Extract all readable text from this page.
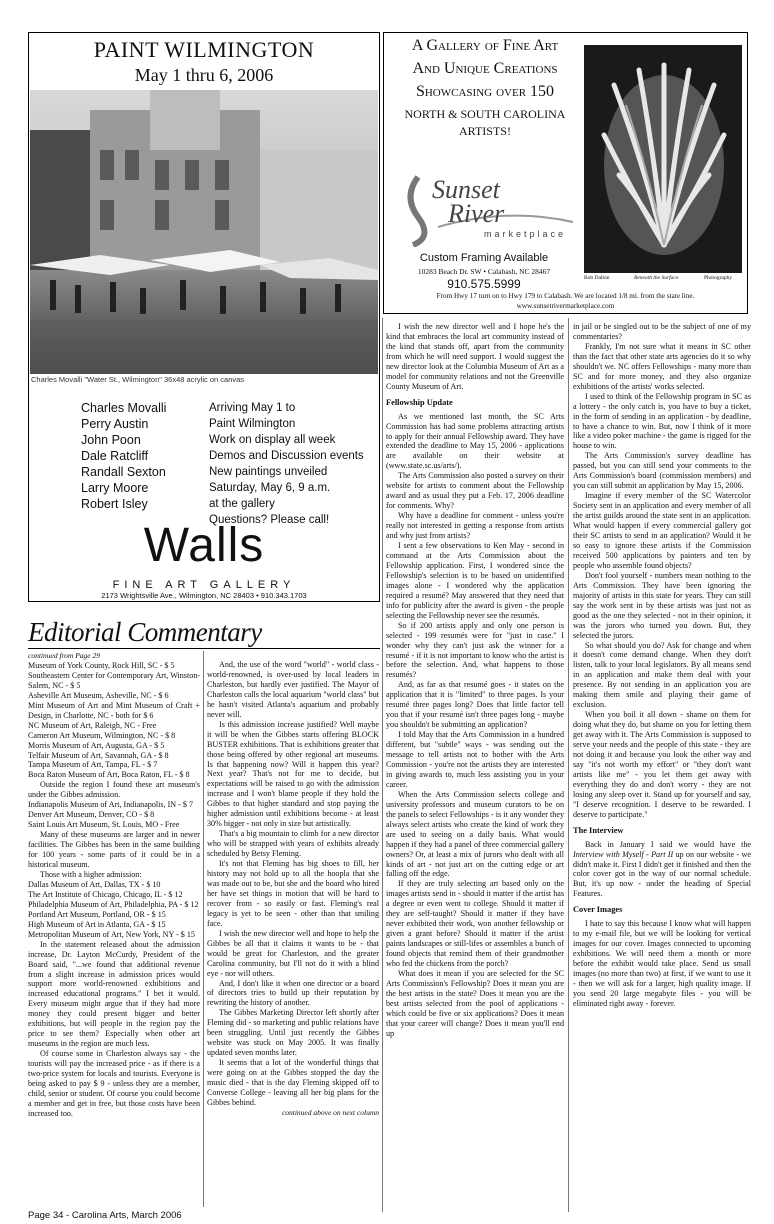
PAINT WILMINGTON
May 1 thru 6, 2006
Charles Movalli "Water St., Wilmington" 36x48 acrylic on canvas
Charles Movalli
Perry Austin
John Poon
Dale Ratcliff
Randall Sexton
Larry Moore
Robert Isley
Arriving May 1 to
Paint Wilmington
Work on display all week
Demos and Discussion events
New paintings unveiled
Saturday, May 6, 9 a.m.
at the gallery
Questions? Please call!
Walls
FINE ART GALLERY
2173 Wrightsville Ave., Wilmington, NC 28403 • 910.343.1703
A Gallery of Fine Art
And Unique Creations
Showcasing over 150
NORTH & SOUTH CAROLINA
ARTISTS!
Sunset
River
marketplace
Custom Framing Available
10283 Beach Dr. SW • Calabash, NC 28467
910.575.5999	Bob Dalton	Beneath the Surface	Photography
From Hwy 17 turn on to Hwy 179 to Calabash. We are located 1/8 mi. from the state line.
www.sunsetrivermarketplace.com
Editorial Commentary

continued from Page 29

Museum of York County, Rock Hill, SC - $ 5

Southeastern Center for Contemporary Art, Winston-Salem, NC - $ 5

Asheville Art Museum, Asheville, NC - $ 6

Mint Museum of Art and Mint Museum of Craft + Design, in Charlotte, NC - both for $ 6

NC Museum of Art, Raleigh, NC - Free

Cameron Art Museum, Wilmington, NC - $ 8

Morris Museum of Art, Augusta, GA - $ 5

Telfair Museum of Art, Savannah, GA - $ 8

Tampa Museum of Art, Tampa, FL - $ 7

Boca Raton Museum of Art, Boca Raton, FL - $ 8

Outside the region I found these art museum's under the Gibbes admission.

Indianapolis Museum of Art, Indianapolis, IN - $ 7

Denver Art Museum, Denver, CO - $ 8

Saint Louis Art Museum, St. Louis, MO - Free

Many of these museums are larger and in newer facilities. The Gibbes has been in the same building for 100 years - some parts of it could be in a historical museum.

Those with a higher admission:

Dallas Museum of Art, Dallas, TX - $ 10

The Art Institute of Chicago, Chicago, IL - $ 12

Philadelphia Museum of Art, Philadelphia, PA - $ 12

Portland Art Museum, Portland, OR - $ 15

High Museum of Art in Atlanta, GA - $ 15

Metropolitan Museum of Art, New York, NY - $ 15

In the statement released about the admission increase, Dr. Layton McCurdy, President of the Board said, "...we found that additional revenue from a slight increase in admission prices would support more world-renowned exhibitions and increased educational programs." I bet it would. Every museum might argue that if they had more money they could present bigger and better exhibitions, but will people in the region pay the price to see them? Especially when other art museums in the region are much less.

Of course some in Charleston always say - the tourists will pay the increased price - as if there is a two-price system for locals and tourists. Everyone is being asked to pay $ 9 - unless they are a member, child, senior or student. Of course you could become a member and get in free, but those costs have been increased too.

And, the use of the word "world" - world class - world-renowned, is over-used by local leaders in Charleston, but hardly ever justified. The Mayor of Charleston calls the local aquarium "world class" but he hasn't visited Atlanta's aquarium and probably never will.

Is this admission increase justified? Well maybe it will be when the Gibbes starts offering BLOCK BUSTER exhibitions. That is exhibitions greater that those being offered by other regional art museums. Is that happening now? Will it happen this year? Next year? That's not for me to decide, but expectations will be raised to go with the admission increase and I won't blame people if they hold the Gibbes to that higher standard and stop paying the higher admission until exhibitions become - at least 30% bigger - not only in size but artistically.

That's a big mountain to climb for a new director who will be strapped with years of exhibits already scheduled by Betsy Fleming.

It's not that Fleming has big shoes to fill, her history may not hold up to all the hoopla that she was made out to be, but she and the board who hired her have set things in motion that will be hard to recover from - so easily or fast. Fleming's real legacy is yet to be seen - other than that smiling face.

I wish the new director well and hope to help the Gibbes be all that it claims it wants to be - that would be great for Charleston, and the greater Carolina community, but I'll not do it with a blind eye - nor will others.

And, I don't like it when one director or a board of directors tries to build up their reputation by rewriting the history of another.

The Gibbes Marketing Director left shortly after Fleming did - so marketing and public relations have been struggling. Until just recently the Gibbes website was stuck on May 2005. It was finally updated seven months later.

It seems that a lot of the wonderful things that were going on at the Gibbes stopped the day the music died - that is the day Fleming skipped off to Converse College - leaving all her big plans for the Gibbes behind.

continued above on next column

I wish the new director well and I hope he's the kind that embraces the local art community instead of the kind that stands off, apart from the community from which he will need support. I would suggest the new director look at the Columbia Museum of Art as a model for community relations and not the Greenville County Museum of Art.

Fellowship Update

As we mentioned last month, the SC Arts Commission has had some problems attracting artists to apply for their annual Fellowship award. They have extended the deadline to May 15, 2006 - applications are available on their website at (www.state.sc.us/arts/).

The Arts Commission also posted a survey on their website for artists to comment about the Fellowship award and as usual they put a Feb. 17, 2006 deadline for comments. Why?

Why have a deadline for comment - unless you're really not interested in getting a response from artists and why just from artists?

I sent a few observations to Ken May - second in command at the Arts Commission about the Fellowship application. First, I wondered since the Fellowship's selection is to be based on unidentified images alone - I wondered why the application required a resumé? May answered that they need that info for publicity after the award is given - the people selecting the Fellowship never see the resumés.

So if 200 artists apply and only one person is selected - 199 resumés were for "just in case." I wonder why they can't just ask the winner for a resumé - if it is not important to know who the artist is before the selection. And, what happens to those resumés?

And, as far as that resumé goes - it states on the application that it is "limited" to three pages. Is your resumé three pages long? Does that little factor tell you that if your resumé isn't three pages long - maybe you shouldn't be submitting an application?

I told May that the Arts Commission in a hundred different, but "subtle" ways - was sending out the message to tell artists not to bother with the Arts Commission - you're not the artists they are interested in giving awards to, much less assisting you in your career.

When the Arts Commission selects college and university professors and museum curators to be on the panels to select Fellowships - is it any wonder they always select artists who create the kind of work they are used to seeing on a daily basis. What would happen if they had a panel of three commercial gallery owners? Or, at least a mix of jurors who dealt with all kinds of art - not just art on the cutting edge or art falling off the edge.

If they are truly selecting art based only on the images artists send in - should it matter if the artist has a degree or even went to college. Should it matter if they are self-taught? Should it matter if they have never exhibited their work, won another fellowship or given a grant before? Should it matter if the artist paints landscapes or still-lifes or assembles a bunch of found objects that remind them of their grandmother who fed the chickens from the porch?

What does it mean if you are selected for the SC Arts Commission's Fellowship? Does it mean you are the best artists in the state? Does it mean you are the best artists selected from the pool of applications - which could be five or six applications? Does it mean that your career will change? Does it mean you'll end up

in jail or be singled out to be the subject of one of my commentaries?

Frankly, I'm not sure what it means in SC other than the fact that other state arts agencies do it so why shouldn't we. NC offers Fellowships - many more than SC and for more money, and they also organize exhibitions of the artists' works selected.

I used to think of the Fellowship program in SC as a lottery - the only catch is, you have to buy a ticket, in the form of sending in an application - by deadline, to have a chance to win. But, now I think of it more like a video poker machine - the game is rigged for the house to win.

The Arts Commission's survey deadline has passed, but you can still send your comments to the Arts Commission's board (commission members) and you can still submit an application by May 15, 2006.

Imagine if every member of the SC Watercolor Society sent in an application and every member of all the artist guilds around the state sent in an application. What would happen if every commercial gallery got their SC artists to send in an application? Would it be so easy to ignore these artists if the Commission received 500 applications by painters and ten by people who assemble found objects?

Don't fool yourself - numbers mean nothing to the Arts Commission. They have been ignoring the majority of artists in this state for years. They can still say the work sent in by these artists was just not as good as the one they selected - not in their opinion, it was the jurors who turned you down. But, they selected the jurors.

So what should you do? Ask for change and when it doesn't come demand change. When they don't listen, talk to your local legislators. By all means send in an application and make them deal with your presence. By not sending in an application you are making them smile and playing their game of exclusion.

When you boil it all down - shame on them for doing what they do, but shame on you for letting them get away with it. The Arts Commission is supposed to serve your needs and the people of this state - they are not doing it and because you look the other way and say "it's not worth my effort" or "they don't want artists like me" - you let them get away with everything they do and don't worry - they are not losing any sleep over it. Stand up for yourself and say, "I deserve recognition. I deserve to be rewarded. I deserve to participate."

The Interview

Back in January I said we would have the Interview with Myself - Part II up on our website - we didn't make it. First I didn't get it finished and then the color cover got in the way of our normal schedule. But, it's up now - under the heading of Special Features.

Cover Images

I hate to say this because I know what will happen to my e-mail file, but we will be looking for vertical images for our cover. Images connected to upcoming exhibitions. We will need them a month or more before the exhibit would take place. Send us small images (no more than two) at first, if we want to use it - then we will ask for a larger, high quality image. If you send 20 large megabyte files - you will be eliminated right away - forever.

Page 34 - Carolina Arts, March 2006
